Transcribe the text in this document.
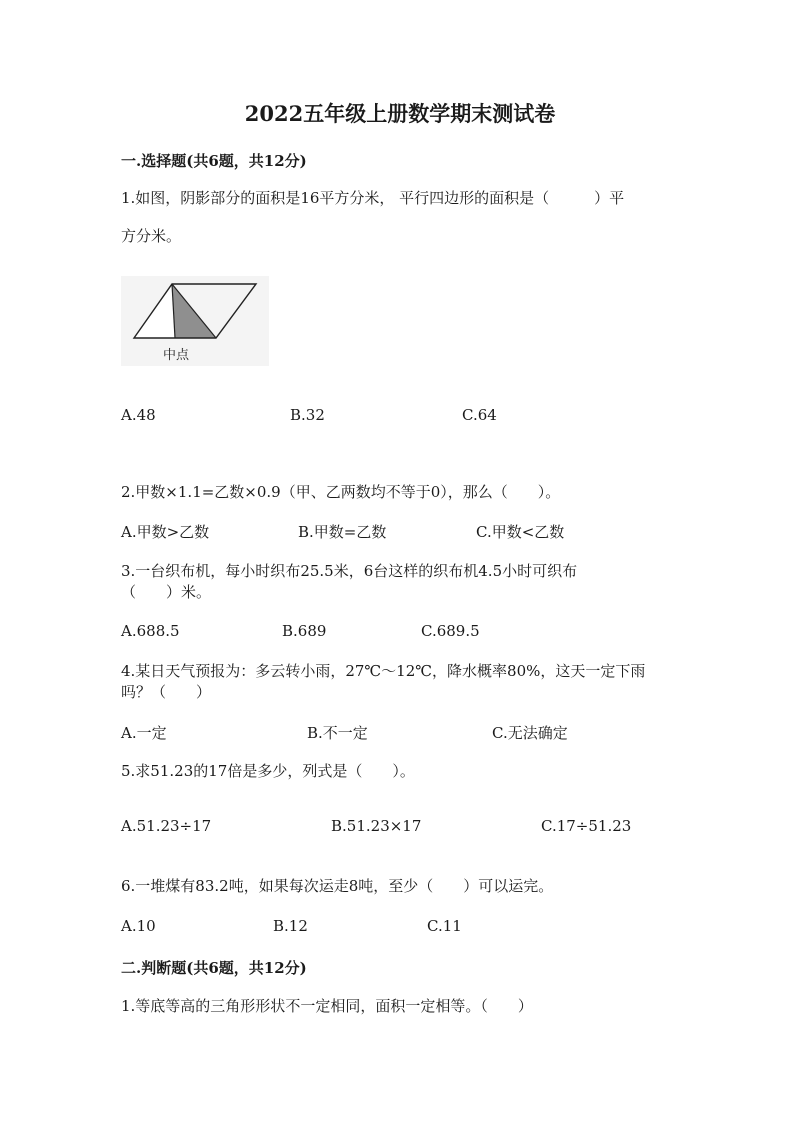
2022五年级上册数学期末测试卷
一.选择题(共6题，共12分)
1.如图，阴影部分的面积是16平方分米， 平行四边形的面积是（　　　）平
方分米。
中点
A.48	B.32	C.64
2.甲数×1.1=乙数×0.9（甲、乙两数均不等于0），那么（　　）。
A.甲数>乙数	B.甲数=乙数	C.甲数<乙数
3.一台织布机，每小时织布25.5米，6台这样的织布机4.5小时可织布
（　　）米。
A.688.5	B.689	C.689.5
4.某日天气预报为：多云转小雨，27℃～12℃，降水概率80%，这天一定下雨
吗？（　　）
A.一定	B.不一定	C.无法确定
5.求51.23的17倍是多少，列式是（　　）。
A.51.23÷17	B.51.23×17	C.17÷51.23
6.一堆煤有83.2吨，如果每次运走8吨，至少（　　）可以运完。
A.10	B.12	C.11
二.判断题(共6题，共12分)
1.等底等高的三角形形状不一定相同，面积一定相等。（　　）
